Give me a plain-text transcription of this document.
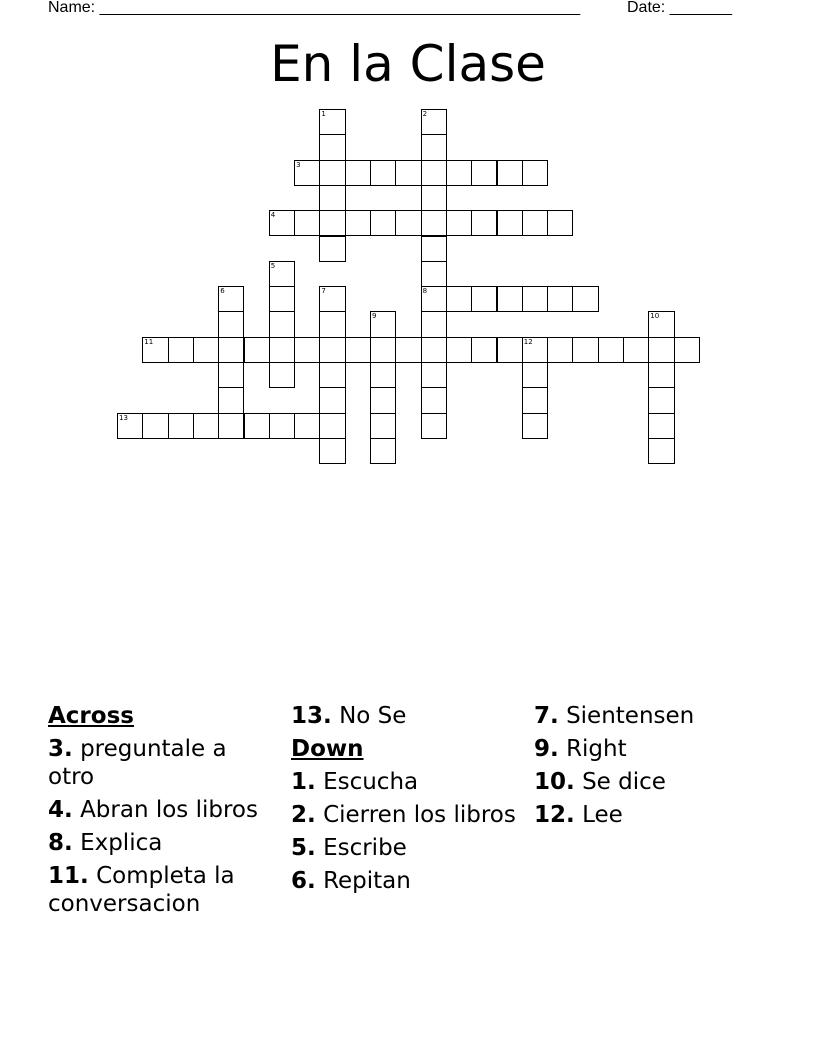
Name: ______________________________________________________	Date: _______
En la Clase
1	2
8
3
4
5
6	7
9	10
11	12
13
Across
3. preguntale a otro
4. Abran los libros
8. Explica
11. Completa la conversacion
13. No Se
Down
1. Escucha
2. Cierren los libros
5. Escribe
6. Repitan
7. Sientensen
9. Right
10. Se dice
12. Lee
